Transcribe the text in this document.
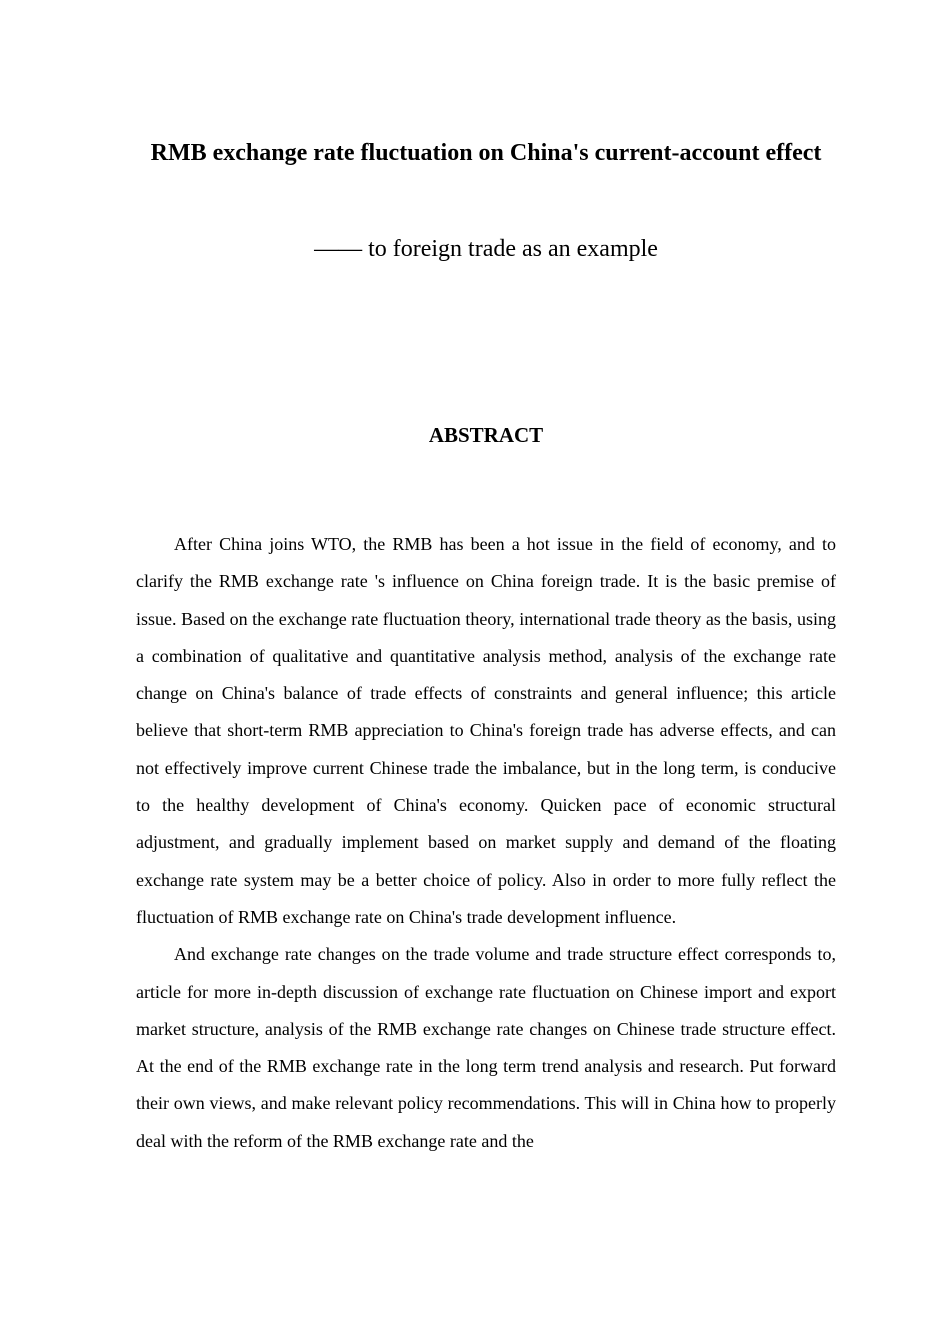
RMB exchange rate fluctuation on China's current-account effect
—— to foreign trade as an example
ABSTRACT

After China joins WTO, the RMB has been a hot issue in the field of economy, and to clarify the RMB exchange rate 's influence on China foreign trade. It is the basic premise of issue. Based on the exchange rate fluctuation theory, international trade theory as the basis, using a combination of qualitative and quantitative analysis method, analysis of the exchange rate change on China's balance of trade effects of constraints and general influence; this article believe that short-term RMB appreciation to China's foreign trade has adverse effects, and can not effectively improve current Chinese trade the imbalance, but in the long term, is conducive to the healthy development of China's economy. Quicken pace of economic structural adjustment, and gradually implement based on market supply and demand of the floating exchange rate system may be a better choice of policy. Also in order to more fully reflect the fluctuation of RMB exchange rate on China's trade development influence.

And exchange rate changes on the trade volume and trade structure effect corresponds to, article for more in-depth discussion of exchange rate fluctuation on Chinese import and export market structure, analysis of the RMB exchange rate changes on Chinese trade structure effect. At the end of the RMB exchange rate in the long term trend analysis and research. Put forward their own views, and make relevant policy recommendations. This will in China how to properly deal with the reform of the RMB exchange rate and the
